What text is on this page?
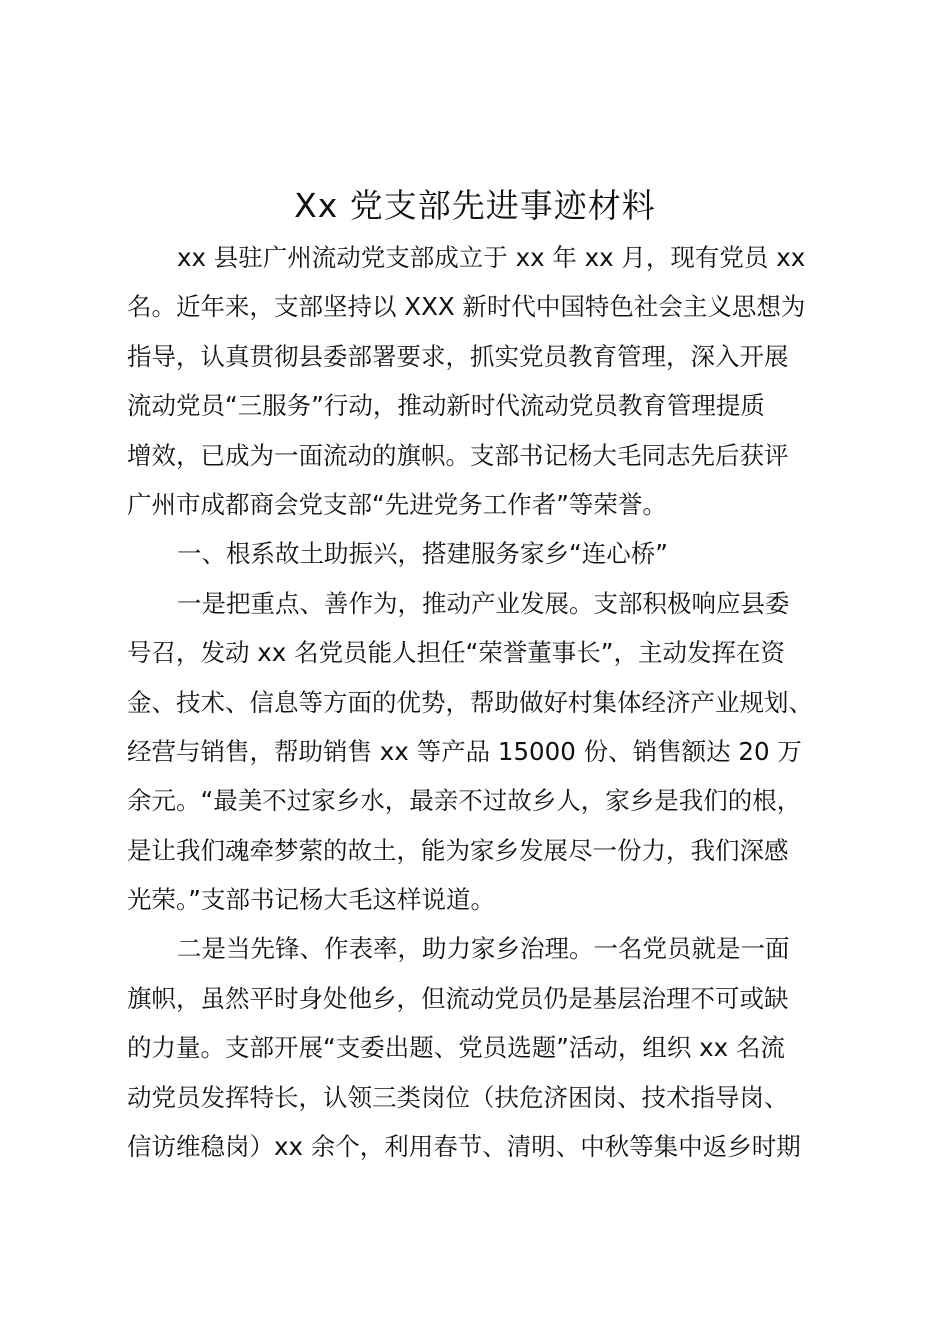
Xx 党支部先进事迹材料

xx 县驻广州流动党支部成立于 xx 年 xx 月，现有党员 xx
名。近年来，支部坚持以 XXX 新时代中国特色社会主义思想为
指导，认真贯彻县委部署要求，抓实党员教育管理，深入开展
流动党员“三服务”行动，推动新时代流动党员教育管理提质
增效，已成为一面流动的旗帜。支部书记杨大毛同志先后获评
广州市成都商会党支部“先进党务工作者”等荣誉。

一、根系故土助振兴，搭建服务家乡“连心桥”

一是把重点、善作为，推动产业发展。支部积极响应县委
号召，发动 xx 名党员能人担任“荣誉董事长”，主动发挥在资
金、技术、信息等方面的优势，帮助做好村集体经济产业规划、
经营与销售，帮助销售 xx 等产品 15000 份、销售额达 20 万
余元。“最美不过家乡水，最亲不过故乡人，家乡是我们的根，
是让我们魂牵梦萦的故土，能为家乡发展尽一份力，我们深感
光荣。”支部书记杨大毛这样说道。

二是当先锋、作表率，助力家乡治理。一名党员就是一面
旗帜，虽然平时身处他乡，但流动党员仍是基层治理不可或缺
的力量。支部开展“支委出题、党员选题”活动，组织 xx 名流
动党员发挥特长，认领三类岗位（扶危济困岗、技术指导岗、
信访维稳岗）xx 余个，利用春节、清明、中秋等集中返乡时期
